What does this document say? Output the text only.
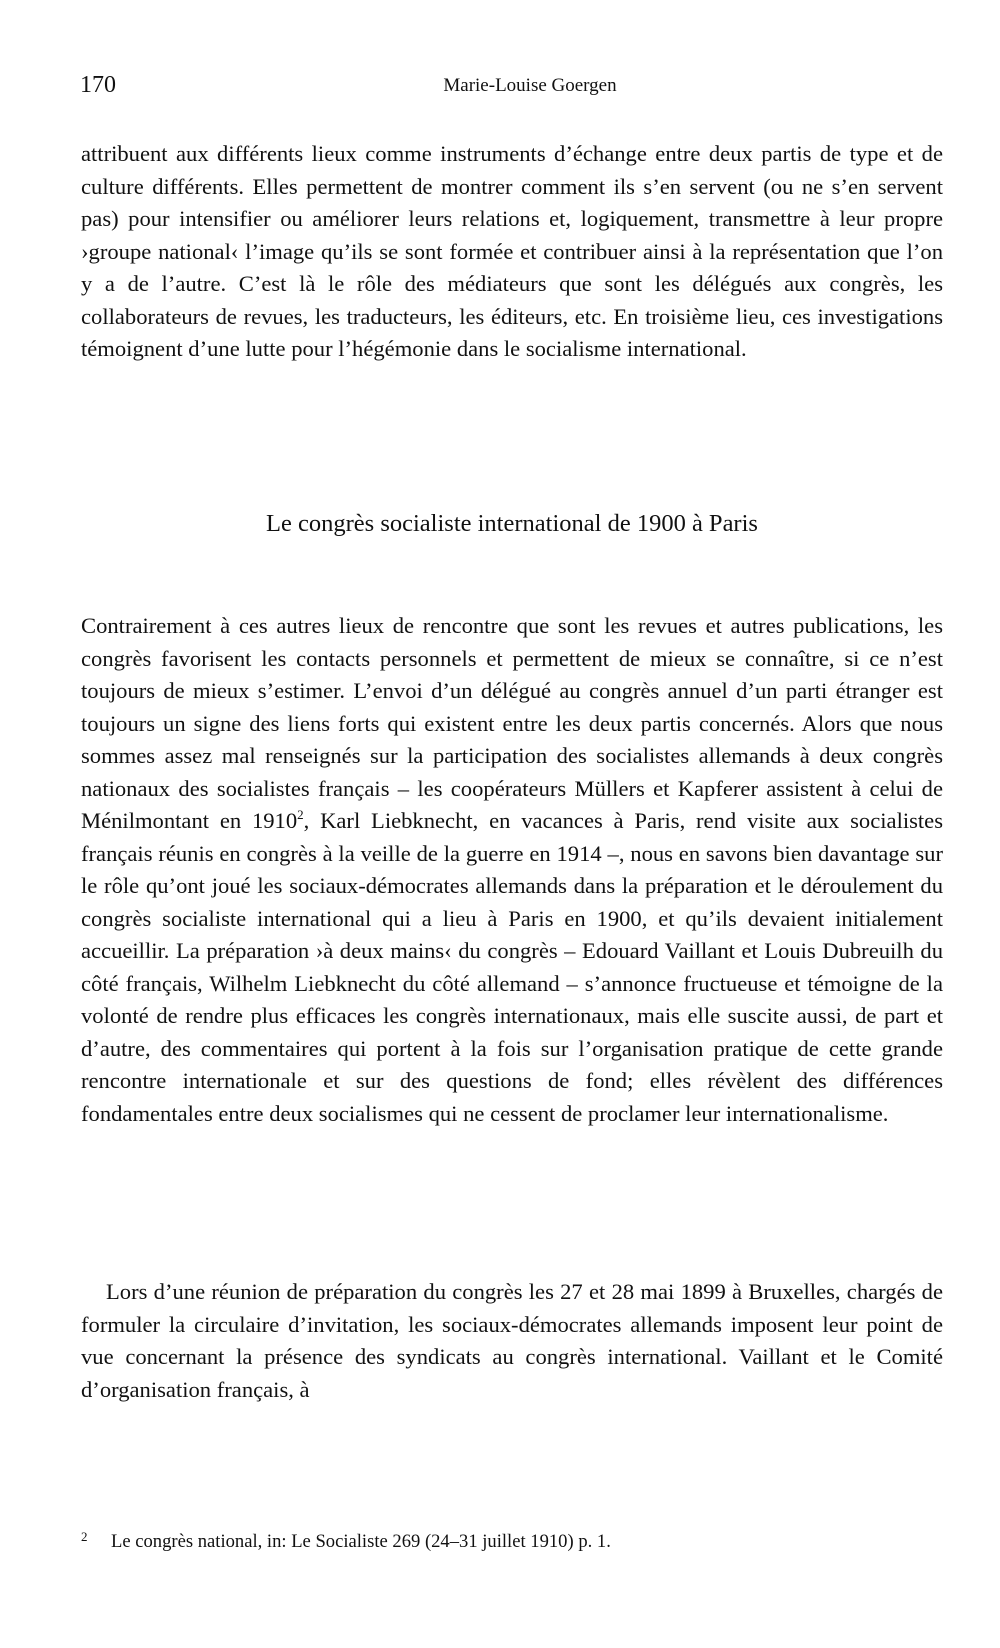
170	Marie-Louise Goergen

attribuent aux différents lieux comme instruments d’échange entre deux partis de type et de culture différents. Elles permettent de montrer comment ils s’en servent (ou ne s’en servent pas) pour intensifier ou améliorer leurs relations et, logiquement, transmettre à leur propre ›groupe national‹ l’image qu’ils se sont formée et contribuer ainsi à la représentation que l’on y a de l’autre. C’est là le rôle des médiateurs que sont les délégués aux congrès, les collaborateurs de revues, les traducteurs, les éditeurs, etc. En troisième lieu, ces investigations témoignent d’une lutte pour l’hégémonie dans le socialisme international.

Le congrès socialiste international de 1900 à Paris

Contrairement à ces autres lieux de rencontre que sont les revues et autres publications, les congrès favorisent les contacts personnels et permettent de mieux se connaître, si ce n’est toujours de mieux s’estimer. L’envoi d’un délégué au congrès annuel d’un parti étranger est toujours un signe des liens forts qui existent entre les deux partis concernés. Alors que nous sommes assez mal renseignés sur la participation des socialistes allemands à deux congrès nationaux des socialistes français – les coopérateurs Müllers et Kapferer assistent à celui de Ménilmontant en 1910$^2$, Karl Liebknecht, en vacances à Paris, rend visite aux socialistes français réunis en congrès à la veille de la guerre en 1914 –, nous en savons bien davantage sur le rôle qu’ont joué les sociaux-démocrates allemands dans la préparation et le déroulement du congrès socialiste international qui a lieu à Paris en 1900, et qu’ils devaient initialement accueillir. La préparation ›à deux mains‹ du congrès – Edouard Vaillant et Louis Dubreuilh du côté français, Wilhelm Liebknecht du côté allemand – s’annonce fructueuse et témoigne de la volonté de rendre plus efficaces les congrès internationaux, mais elle suscite aussi, de part et d’autre, des commentaires qui portent à la fois sur l’organisation pratique de cette grande rencontre internationale et sur des questions de fond; elles révèlent des différences fondamentales entre deux socialismes qui ne cessent de proclamer leur internationalisme.

Lors d’une réunion de préparation du congrès les 27 et 28 mai 1899 à Bruxelles, chargés de formuler la circulaire d’invitation, les sociaux-démocrates allemands imposent leur point de vue concernant la présence des syndicats au congrès international. Vaillant et le Comité d’organisation français, à

2 Le congrès national, in: Le Socialiste 269 (24–31 juillet 1910) p. 1.
